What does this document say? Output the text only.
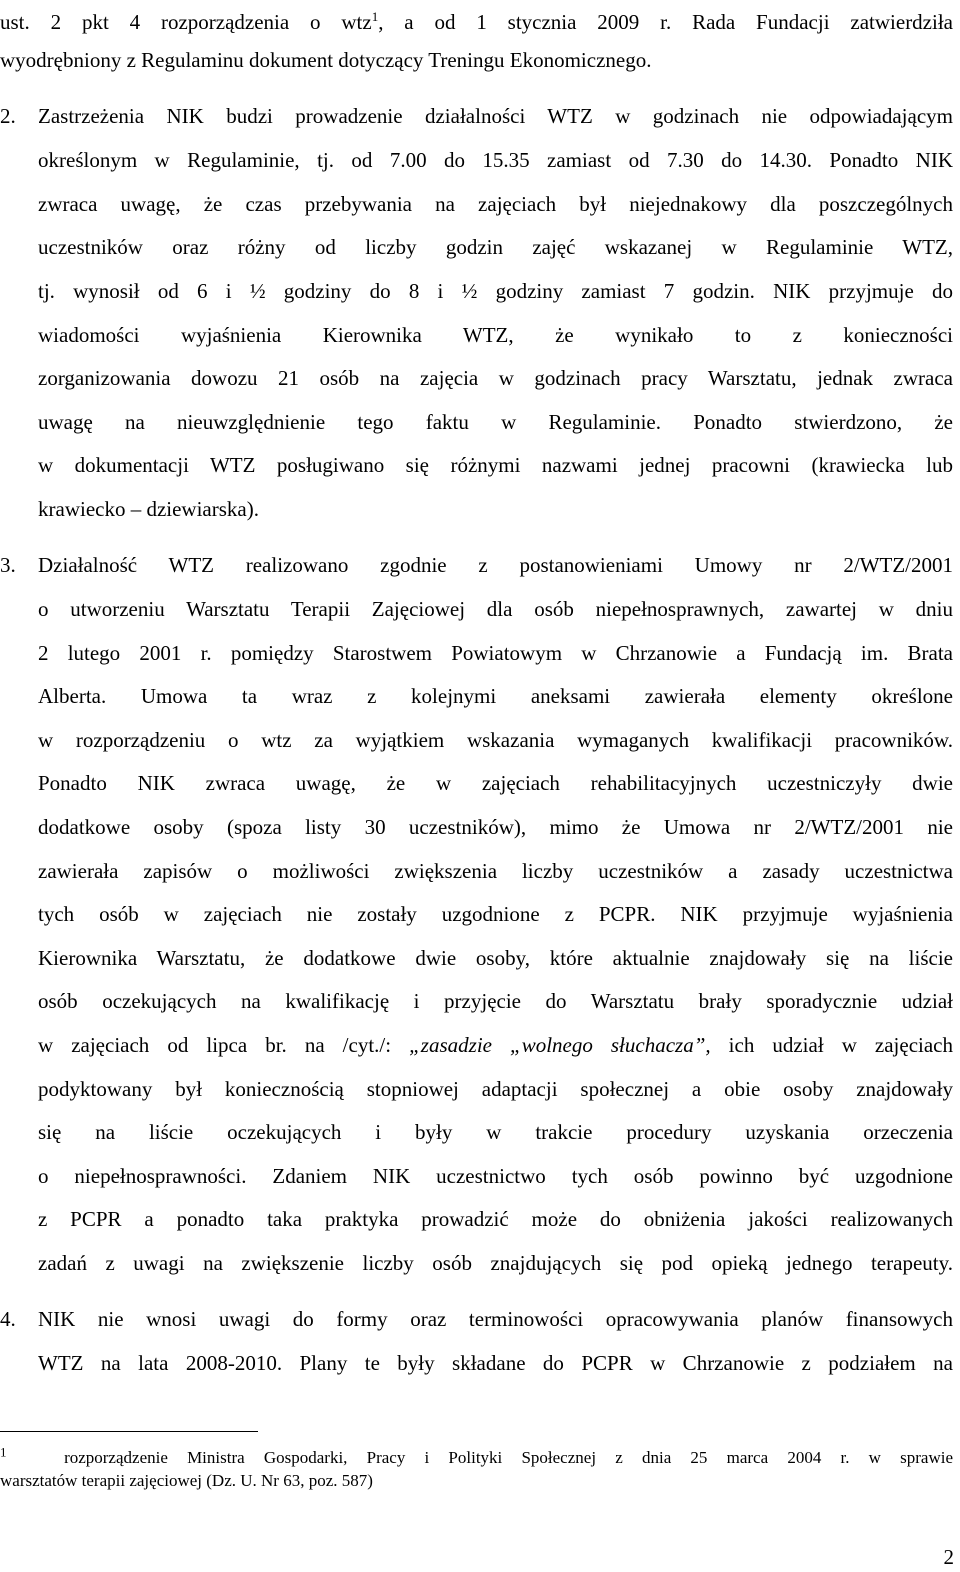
ust. 2 pkt 4 rozporządzenia o wtz$^1$, a od 1 stycznia 2009 r. Rada Fundacji zatwierdziła
wyodrębniony z Regulaminu dokument dotyczący Treningu Ekonomicznego.
2.	Zastrzeżenia NIK budzi prowadzenie działalności WTZ w godzinach nie odpowiadającym
określonym w Regulaminie, tj. od 7.00 do 15.35 zamiast od 7.30 do 14.30. Ponadto NIK
zwraca uwagę, że czas przebywania na zajęciach był niejednakowy dla poszczególnych
uczestników oraz różny od liczby godzin zajęć wskazanej w Regulaminie WTZ,
tj. wynosił od 6 i ½ godziny do 8 i ½ godziny zamiast 7 godzin. NIK przyjmuje do
wiadomości wyjaśnienia Kierownika WTZ, że wynikało to z konieczności
zorganizowania dowozu 21 osób na zajęcia w godzinach pracy Warsztatu, jednak zwraca
uwagę na nieuwzględnienie tego faktu w Regulaminie. Ponadto stwierdzono, że
w dokumentacji WTZ posługiwano się różnymi nazwami jednej pracowni (krawiecka lub
krawiecko – dziewiarska).
3.	Działalność WTZ realizowano zgodnie z postanowieniami Umowy nr 2/WTZ/2001
o utworzeniu Warsztatu Terapii Zajęciowej dla osób niepełnosprawnych, zawartej w dniu
2 lutego 2001 r. pomiędzy Starostwem Powiatowym w Chrzanowie a Fundacją im. Brata
Alberta. Umowa ta wraz z kolejnymi aneksami zawierała elementy określone
w rozporządzeniu o wtz za wyjątkiem wskazania wymaganych kwalifikacji pracowników.
Ponadto NIK zwraca uwagę, że w zajęciach rehabilitacyjnych uczestniczyły dwie
dodatkowe osoby (spoza listy 30 uczestników), mimo że Umowa nr 2/WTZ/2001 nie
zawierała zapisów o możliwości zwiększenia liczby uczestników a zasady uczestnictwa
tych osób w zajęciach nie zostały uzgodnione z PCPR. NIK przyjmuje wyjaśnienia
Kierownika Warsztatu, że dodatkowe dwie osoby, które aktualnie znajdowały się na liście
osób oczekujących na kwalifikację i przyjęcie do Warsztatu brały sporadycznie udział
w zajęciach od lipca br. na /cyt./: „zasadzie „wolnego słuchacza”, ich udział w zajęciach
podyktowany był koniecznością stopniowej adaptacji społecznej a obie osoby znajdowały
się na liście oczekujących i były w trakcie procedury uzyskania orzeczenia
o niepełnosprawności. Zdaniem NIK uczestnictwo tych osób powinno być uzgodnione
z PCPR a ponadto taka praktyka prowadzić może do obniżenia jakości realizowanych
zadań z uwagi na zwiększenie liczby osób znajdujących się pod opieką jednego terapeuty.
4.	NIK nie wnosi uwagi do formy oraz terminowości opracowywania planów finansowych
WTZ na lata 2008-2010. Plany te były składane do PCPR w Chrzanowie z podziałem na
$^1$	rozporządzenie Ministra Gospodarki, Pracy i Polityki Społecznej z dnia 25 marca 2004 r. w sprawie
warsztatów terapii zajęciowej (Dz. U. Nr 63, poz. 587)
2
